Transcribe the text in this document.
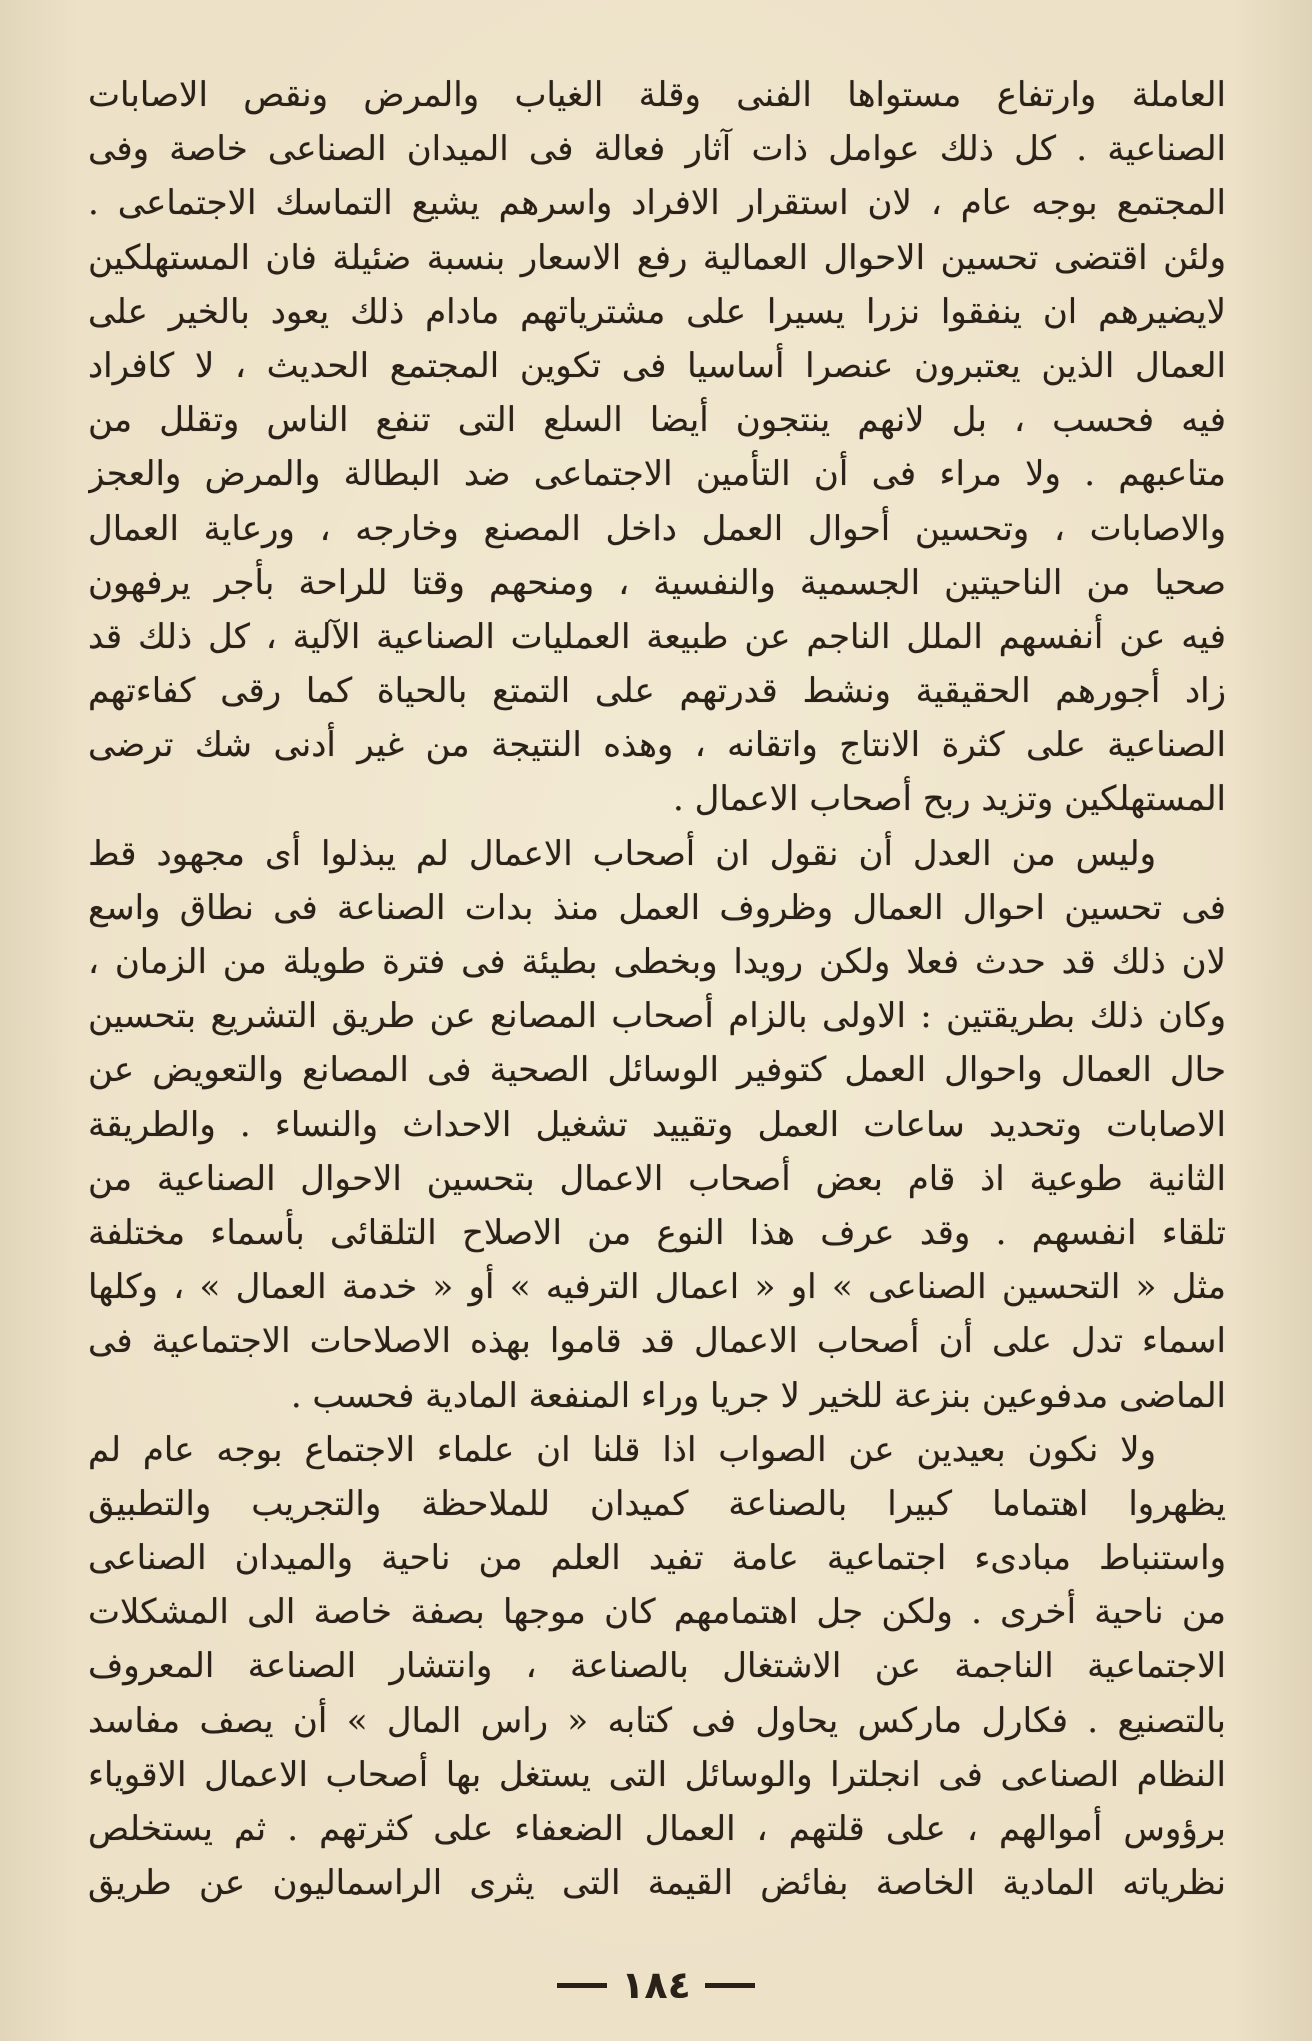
العاملة وارتفاع مستواها الفنى وقلة الغياب والمرض ونقص الاصابات
الصناعية . كل ذلك عوامل ذات آثار فعالة فى الميدان الصناعى خاصة وفى
المجتمع بوجه عام ، لان استقرار الافراد واسرهم يشيع التماسك الاجتماعى .
ولئن اقتضى تحسين الاحوال العمالية رفع الاسعار بنسبة ضئيلة فان المستهلكين
لايضيرهم ان ينفقوا نزرا يسيرا على مشترياتهم مادام ذلك يعود بالخير على
العمال الذين يعتبرون عنصرا أساسيا فى تكوين المجتمع الحديث ، لا كافراد
فيه فحسب ، بل لانهم ينتجون أيضا السلع التى تنفع الناس وتقلل من
متاعبهم . ولا مراء فى أن التأمين الاجتماعى ضد البطالة والمرض والعجز
والاصابات ، وتحسين أحوال العمل داخل المصنع وخارجه ، ورعاية العمال
صحيا من الناحيتين الجسمية والنفسية ، ومنحهم وقتا للراحة بأجر يرفهون
فيه عن أنفسهم الملل الناجم عن طبيعة العمليات الصناعية الآلية ، كل ذلك قد
زاد أجورهم الحقيقية ونشط قدرتهم على التمتع بالحياة كما رقى كفاءتهم
الصناعية على كثرة الانتاج واتقانه ، وهذه النتيجة من غير أدنى شك ترضى
المستهلكين وتزيد ربح أصحاب الاعمال .
وليس من العدل أن نقول ان أصحاب الاعمال لم يبذلوا أى مجهود قط
فى تحسين احوال العمال وظروف العمل منذ بدات الصناعة فى نطاق واسع
لان ذلك قد حدث فعلا ولكن رويدا وبخطى بطيئة فى فترة طويلة من الزمان ،
وكان ذلك بطريقتين : الاولى بالزام أصحاب المصانع عن طريق التشريع بتحسين
حال العمال واحوال العمل كتوفير الوسائل الصحية فى المصانع والتعويض عن
الاصابات وتحديد ساعات العمل وتقييد تشغيل الاحداث والنساء . والطريقة
الثانية طوعية اذ قام بعض أصحاب الاعمال بتحسين الاحوال الصناعية من
تلقاء انفسهم . وقد عرف هذا النوع من الاصلاح التلقائى بأسماء مختلفة
مثل « التحسين الصناعى » او « اعمال الترفيه » أو « خدمة العمال » ، وكلها
اسماء تدل على أن أصحاب الاعمال قد قاموا بهذه الاصلاحات الاجتماعية فى
الماضى مدفوعين بنزعة للخير لا جريا وراء المنفعة المادية فحسب .
ولا نكون بعيدين عن الصواب اذا قلنا ان علماء الاجتماع بوجه عام لم
يظهروا اهتماما كبيرا بالصناعة كميدان للملاحظة والتجريب والتطبيق
واستنباط مبادىء اجتماعية عامة تفيد العلم من ناحية والميدان الصناعى
من ناحية أخرى . ولكن جل اهتمامهم كان موجها بصفة خاصة الى المشكلات
الاجتماعية الناجمة عن الاشتغال بالصناعة ، وانتشار الصناعة المعروف
بالتصنيع . فكارل ماركس يحاول فى كتابه « راس المال » أن يصف مفاسد
النظام الصناعى فى انجلترا والوسائل التى يستغل بها أصحاب الاعمال الاقوياء
برؤوس أموالهم ، على قلتهم ، العمال الضعفاء على كثرتهم . ثم يستخلص
نظرياته المادية الخاصة بفائض القيمة التى يثرى الراسماليون عن طريق
١٨٤
